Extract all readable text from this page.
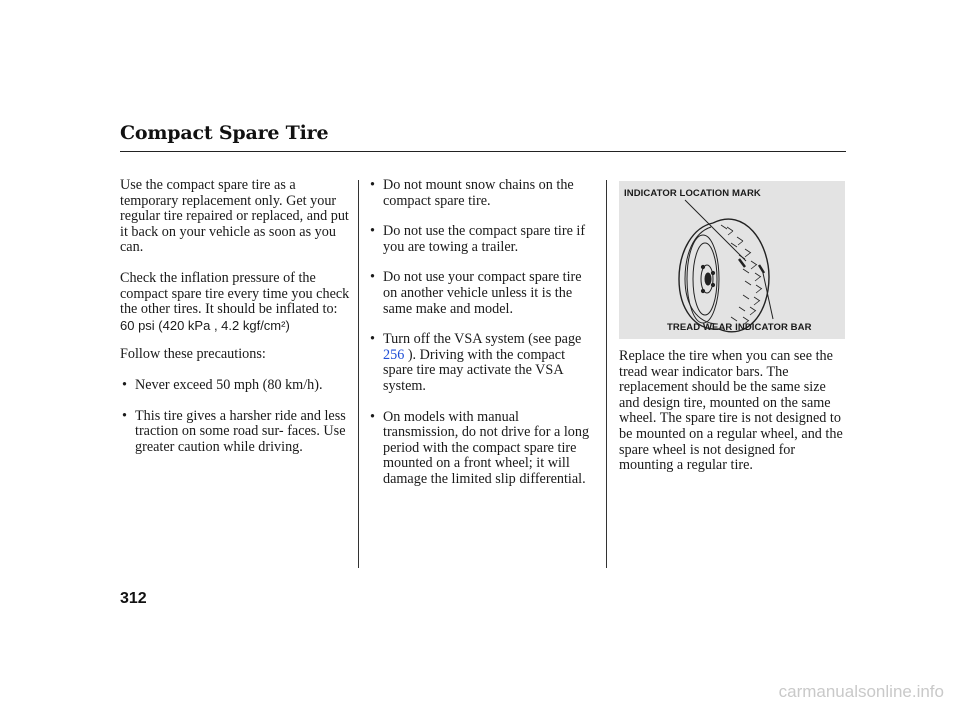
Compact Spare Tire

Use the compact spare tire as a temporary replacement only. Get your regular tire repaired or replaced, and put it back on your vehicle as soon as you can.

Check the inflation pressure of the compact spare tire every time you check the other tires. It should be inflated to:

60 psi (420 kPa , 4.2 kgf/cm²)

Follow these precautions:

• Never exceed 50 mph (80 km/h).

• This tire gives a harsher ride and less traction on some road sur- faces. Use greater caution while driving.

• Do not mount snow chains on the compact spare tire.

• Do not use the compact spare tire if you are towing a trailer.

• Do not use your compact spare tire on another vehicle unless it is the same make and model.

• Turn off the VSA system (see page 256 ). Driving with the compact spare tire may activate the VSA system.

• On models with manual transmission, do not drive for a long period with the compact spare tire mounted on a front wheel; it will damage the limited slip differential.

INDICATOR LOCATION MARK
TREAD WEAR INDICATOR BAR

Replace the tire when you can see the tread wear indicator bars. The replacement should be the same size and design tire, mounted on the same wheel. The spare tire is not designed to be mounted on a regular wheel, and the spare wheel is not designed for mounting a regular tire.

312
carmanualsonline.info
